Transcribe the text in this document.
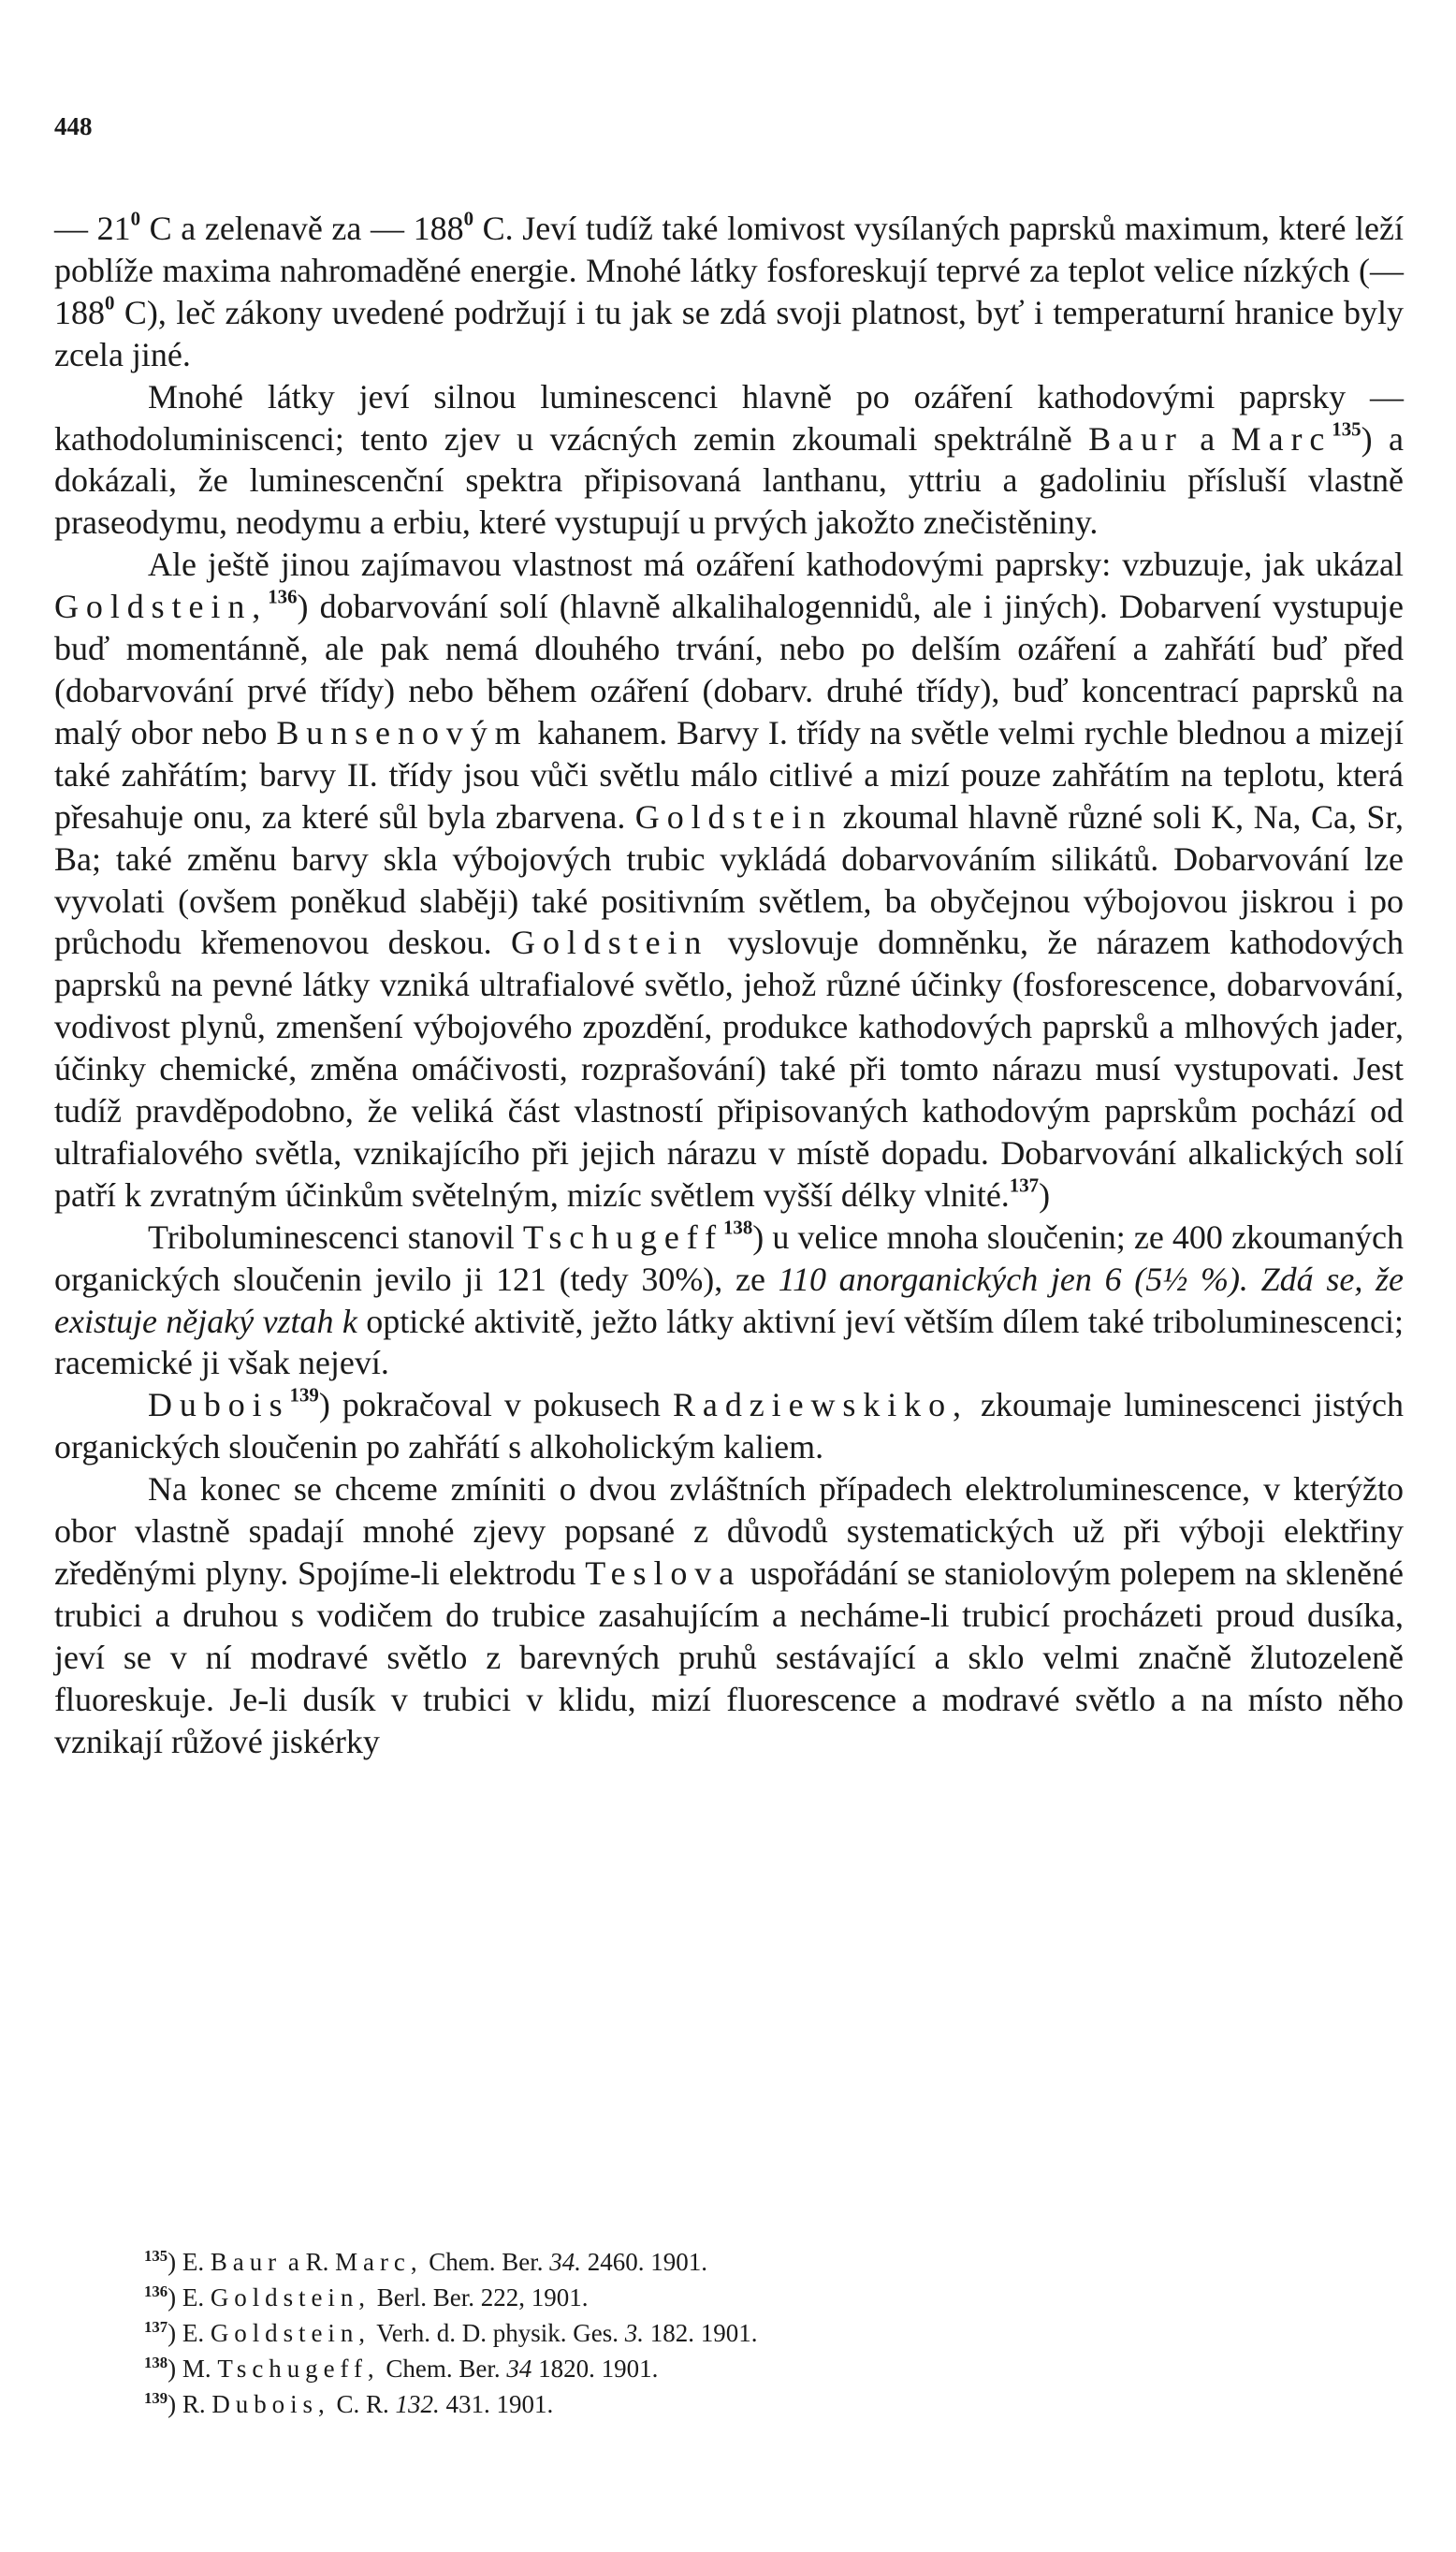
448

— $21^0$ C a zelenavě za — $188^0$ C. Jeví tudíž také lomivost vysílaných paprsků maximum, které leží poblíže maxima nahromaděné energie. Mnohé látky fosforeskují teprvé za teplot velice nízkých (— $188^0$ C), leč zákony uvedené podržují i tu jak se zdá svoji platnost, byť i temperaturní hranice byly zcela jiné.

Mnohé látky jeví silnou luminescenci hlavně po ozáření kathodovými paprsky — kathodoluminiscenci; tento zjev u vzácných zemin zkoumali spektrálně Baur a Marc$^{135}$) a dokázali, že luminescenční spektra připisovaná lanthanu, yttriu a gadoliniu přísluší vlastně praseodymu, neodymu a erbiu, které vystupují u prvých jakožto znečistěniny.

Ale ještě jinou zajímavou vlastnost má ozáření kathodovými paprsky: vzbuzuje, jak ukázal Goldstein,$^{136}$) dobarvování solí (hlavně alkalihalogennidů, ale i jiných). Dobarvení vystupuje buď momentánně, ale pak nemá dlouhého trvání, nebo po delším ozáření a zahřátí buď před (dobarvování prvé třídy) nebo během ozáření (dobarv. druhé třídy), buď koncentrací paprsků na malý obor nebo Bunsenovým kahanem. Barvy I. třídy na světle velmi rychle blednou a mizejí také zahřátím; barvy II. třídy jsou vůči světlu málo citlivé a mizí pouze zahřátím na teplotu, která přesahuje onu, za které sůl byla zbarvena. Goldstein zkoumal hlavně různé soli K, Na, Ca, Sr, Ba; také změnu barvy skla výbojových trubic vykládá dobarvováním silikátů. Dobarvování lze vyvolati (ovšem poněkud slaběji) také positivním světlem, ba obyčejnou výbojovou jiskrou i po průchodu křemenovou deskou. Goldstein vyslovuje domněnku, že nárazem kathodových paprsků na pevné látky vzniká ultrafialové světlo, jehož různé účinky (fosforescence, dobarvování, vodivost plynů, zmenšení výbojového zpozdění, produkce kathodových paprsků a mlhových jader, účinky chemické, změna omáčivosti, rozprašování) také při tomto nárazu musí vystupovati. Jest tudíž pravděpodobno, že veliká část vlastností připisovaných kathodovým paprskům pochází od ultrafialového světla, vznikajícího při jejich nárazu v místě dopadu. Dobarvování alkalických solí patří k zvratným účinkům světelným, mizíc světlem vyšší délky vlnité.$^{137}$)

Triboluminescenci stanovil Tschugeff$^{138}$) u velice mnoha sloučenin; ze 400 zkoumaných organických sloučenin jevilo ji 121 (tedy 30%), ze 110 anorganických jen 6 (5½ %). Zdá se, že existuje nějaký vztah k optické aktivitě, ježto látky aktivní jeví větším dílem také triboluminescenci; racemické ji však nejeví.

Dubois$^{139}$) pokračoval v pokusech Radziewskiko, zkoumaje luminescenci jistých organických sloučenin po zahřátí s alkoholickým kaliem.

Na konec se chceme zmíniti o dvou zvláštních případech elektroluminescence, v kterýžto obor vlastně spadají mnohé zjevy popsané z důvodů systematických už při výboji elektřiny zředěnými plyny. Spojíme-li elektrodu Teslova uspořádání se staniolovým polepem na skleněné trubici a druhou s vodičem do trubice zasahujícím a necháme-li trubicí procházeti proud dusíka, jeví se v ní modravé světlo z barevných pruhů sestávající a sklo velmi značně žlutozeleně fluoreskuje. Je-li dusík v trubici v klidu, mizí fluorescence a modravé světlo a na místo něho vznikají růžové jiskérky

$^{135}$) E. Baur a R. Marc, Chem. Ber. 34. 2460. 1901.
$^{136}$) E. Goldstein, Berl. Ber. 222, 1901.
$^{137}$) E. Goldstein, Verh. d. D. physik. Ges. 3. 182. 1901.
$^{138}$) M. Tschugeff, Chem. Ber. 34 1820. 1901.
$^{139}$) R. Dubois, C. R. 132. 431. 1901.
